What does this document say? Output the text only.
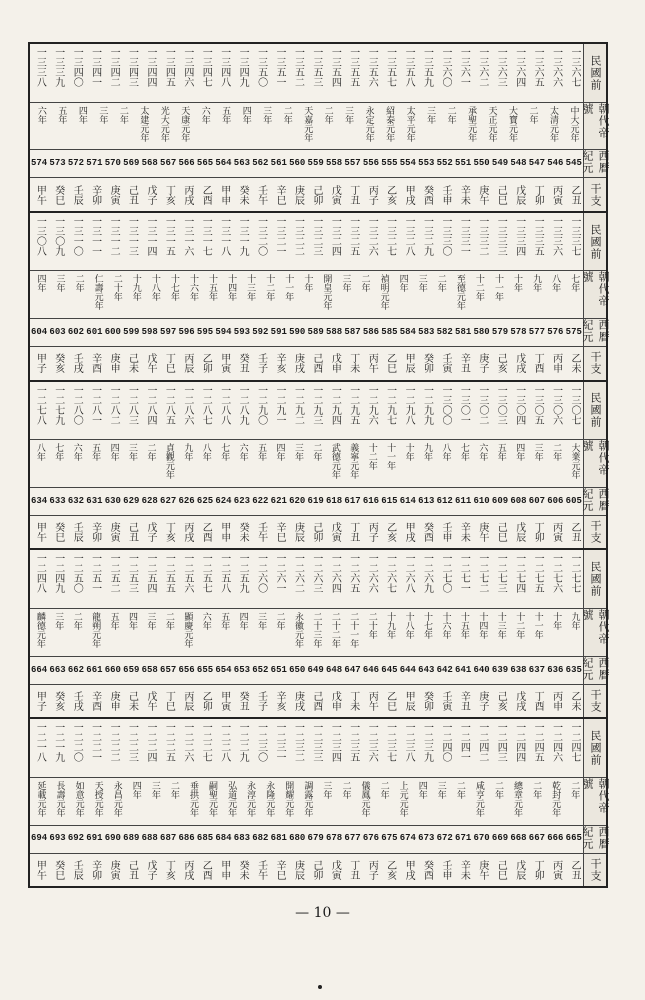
民國前
一三六七
一三六六
一三六五
一三六四
一三六三
一三六二
一三六一
一三六〇
一三五九
一三五八
一三五七
一三五六
一三五五
一三五四
一三五三
一三五二
一三五一
一三五〇
一三四九
一三四八
一三四七
一三四六
一三四五
一三四四
一三四三
一三四二
一三四一
一三四〇
一三三九
一三三八
朝代帝號
中大元年
太清元年
二年
大寶元年
天正元年
承聖元年
二年
三年
太平元年
紹泰元年
永定元年
三年
二年
天嘉元年
二年
三年
四年
五年
六年
天康元年
光大元年
太建元年
二年
三年
四年
五年
六年
西曆紀元
545
546
547
548
549
550
551
552
553
554
555
556
557
558
559
560
561
562
563
564
565
566
567
568
569
570
571
572
573
574
干支
乙丑
丙寅
丁卯
戊辰
己巳
庚午
辛未
壬申
癸酉
甲戌
乙亥
丙子
丁丑
戊寅
己卯
庚辰
辛巳
壬午
癸未
甲申
乙酉
丙戌
丁亥
戊子
己丑
庚寅
辛卯
壬辰
癸巳
甲午
民國前
一三三七
一三三六
一三三五
一三三四
一三三三
一三三二
一三三一
一三三〇
一三二九
一三二八
一三二七
一三二六
一三二五
一三二四
一三二三
一三二二
一三二一
一三二〇
一三一九
一三一八
一三一七
一三一六
一三一五
一三一四
一三一三
一三一二
一三一一
一三一〇
一三〇九
一三〇八
朝代帝號
七年
八年
九年
十年
十一年
十二年
至德元年
二年
三年
四年
禎明元年
二年
三年
開皇元年
十年
十一年
十二年
十三年
十四年
十五年
十六年
十七年
十八年
十九年
二十年
仁壽元年
二年
三年
四年
西曆紀元
575
576
577
578
579
580
581
582
583
584
585
586
587
588
589
590
591
592
593
594
595
596
597
598
599
600
601
602
603
604
干支
乙未
丙申
丁酉
戊戌
己亥
庚子
辛丑
壬寅
癸卯
甲辰
乙巳
丙午
丁未
戊申
己酉
庚戌
辛亥
壬子
癸丑
甲寅
乙卯
丙辰
丁巳
戊午
己未
庚申
辛酉
壬戌
癸亥
甲子
民國前
一三〇七
一三〇六
一三〇五
一三〇四
一三〇三
一三〇二
一三〇一
一三〇〇
一二九九
一二九八
一二九七
一二九六
一二九五
一二九四
一二九三
一二九二
一二九一
一二九〇
一二八九
一二八八
一二八七
一二八六
一二八五
一二八四
一二八三
一二八二
一二八一
一二八〇
一二七九
一二七八
朝代帝號
大業元年
二年
三年
四年
五年
六年
七年
八年
九年
十年
十一年
十二年
義寧元年
武德元年
二年
三年
四年
五年
六年
七年
八年
九年
貞觀元年
二年
三年
四年
五年
六年
七年
八年
西曆紀元
605
606
607
608
609
610
611
612
613
614
615
616
617
618
619
620
621
622
623
624
625
626
627
628
629
630
631
632
633
634
干支
乙丑
丙寅
丁卯
戊辰
己巳
庚午
辛未
壬申
癸酉
甲戌
乙亥
丙子
丁丑
戊寅
己卯
庚辰
辛巳
壬午
癸未
甲申
乙酉
丙戌
丁亥
戊子
己丑
庚寅
辛卯
壬辰
癸巳
甲午
民國前
一二七七
一二七六
一二七五
一二七四
一二七三
一二七二
一二七一
一二七〇
一二六九
一二六八
一二六七
一二六六
一二六五
一二六四
一二六三
一二六二
一二六一
一二六〇
一二五九
一二五八
一二五七
一二五六
一二五五
一二五四
一二五三
一二五二
一二五一
一二五〇
一二四九
一二四八
朝代帝號
九年
十年
十一年
十二年
十三年
十四年
十五年
十六年
十七年
十八年
十九年
二十年
二十一年
二十二年
二十三年
永徽元年
二年
三年
四年
五年
六年
顯慶元年
二年
三年
四年
五年
龍朔元年
二年
三年
麟德元年
西曆紀元
635
636
637
638
639
640
641
642
643
644
645
646
647
648
649
650
651
652
653
654
655
656
657
658
659
660
661
662
663
664
干支
乙未
丙申
丁酉
戊戌
己亥
庚子
辛丑
壬寅
癸卯
甲辰
乙巳
丙午
丁未
戊申
己酉
庚戌
辛亥
壬子
癸丑
甲寅
乙卯
丙辰
丁巳
戊午
己未
庚申
辛酉
壬戌
癸亥
甲子
民國前
一二四七
一二四六
一二四五
一二四四
一二四三
一二四二
一二四一
一二四〇
一二三九
一二三八
一二三七
一二三六
一二三五
一二三四
一二三三
一二三二
一二三一
一二三〇
一二二九
一二二八
一二二七
一二二六
一二二五
一二二四
一二二三
一二二二
一二二一
一二二〇
一二一九
一二一八
朝代帝號
二年
乾封元年
二年
總章元年
二年
咸亨元年
二年
三年
四年
上元元年
二年
儀鳳元年
二年
三年
調露元年
開耀元年
永隆元年
永淳元年
弘道元年
嗣聖元年
垂拱元年
二年
三年
四年
永昌元年
天授元年
如意元年
長壽元年
延載元年
西曆紀元
665
666
667
668
669
670
671
672
673
674
675
676
677
678
679
680
681
682
683
684
685
686
687
688
689
690
691
692
693
694
干支
乙丑
丙寅
丁卯
戊辰
己巳
庚午
辛未
壬申
癸酉
甲戌
乙亥
丙子
丁丑
戊寅
己卯
庚辰
辛巳
壬午
癸未
甲申
乙酉
丙戌
丁亥
戊子
己丑
庚寅
辛卯
壬辰
癸巳
甲午
— 10 —
